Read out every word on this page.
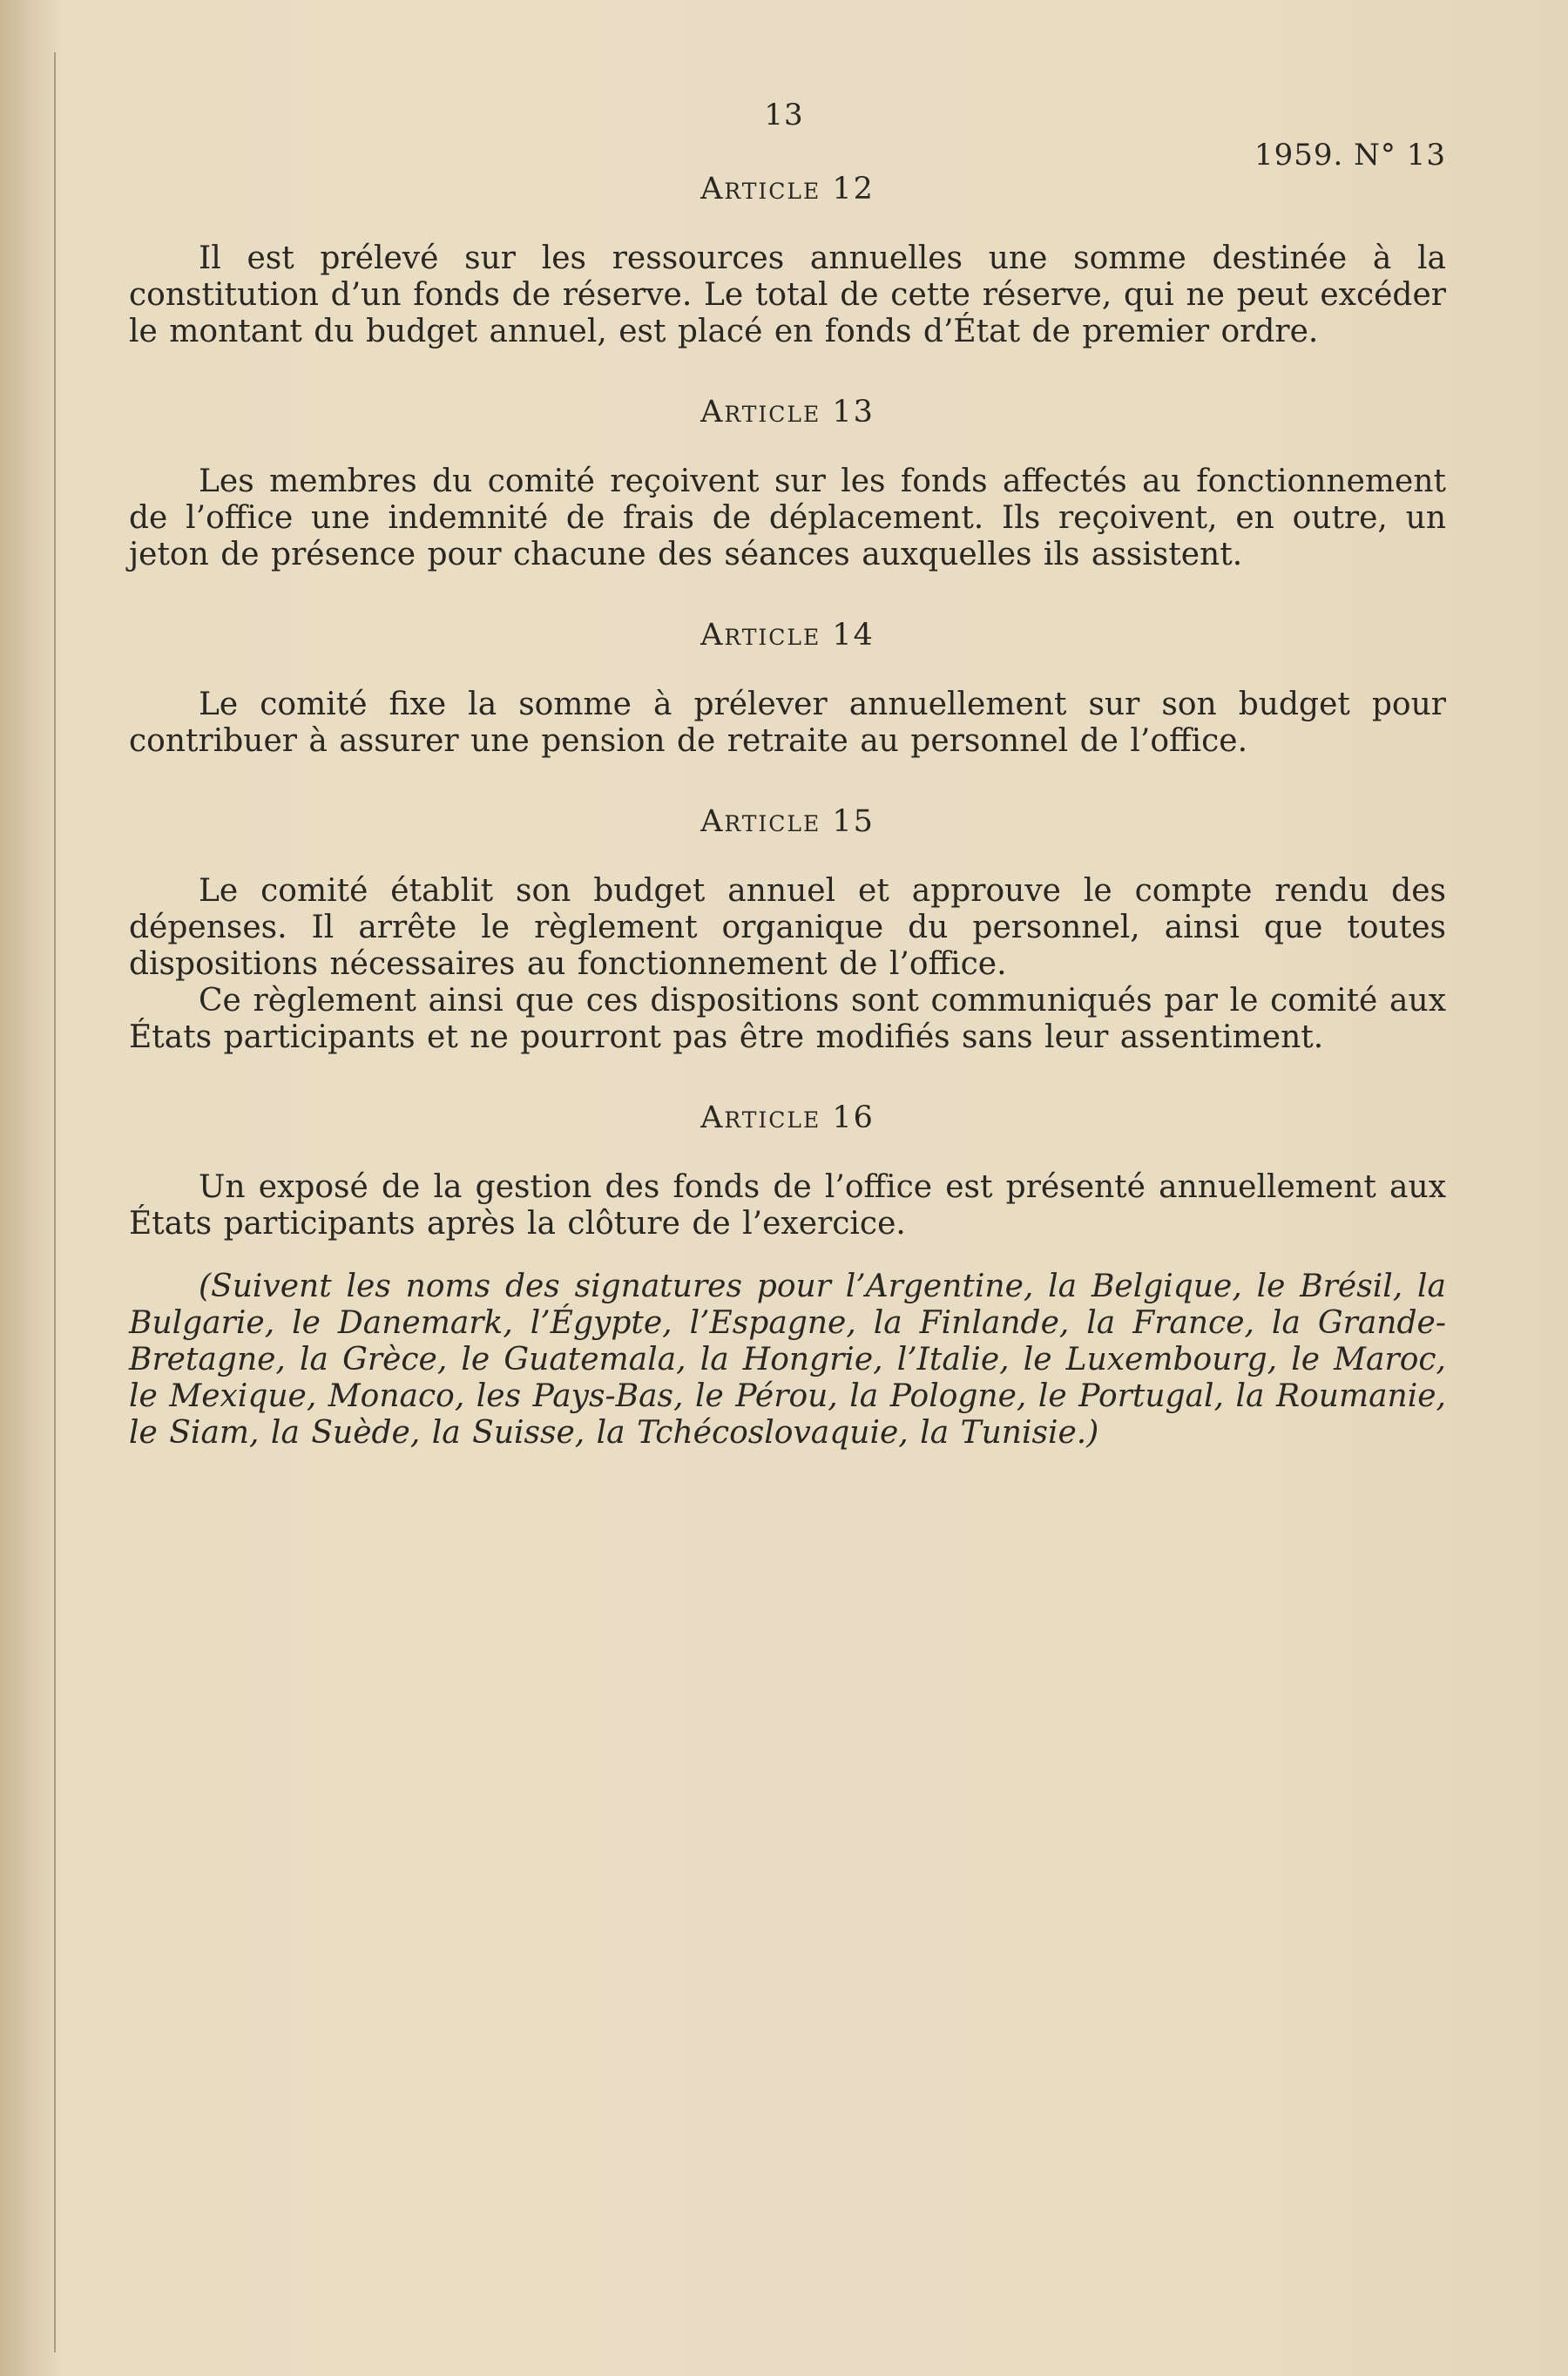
13
1959. N° 13
Article 12

Il est prélevé sur les ressources annuelles une somme destinée à la constitution d’un fonds de réserve. Le total de cette réserve, qui ne peut excéder le montant du budget annuel, est placé en fonds d’État de premier ordre.

Article 13

Les membres du comité reçoivent sur les fonds affectés au fonctionnement de l’office une indemnité de frais de déplacement. Ils reçoivent, en outre, un jeton de présence pour chacune des séances auxquelles ils assistent.

Article 14

Le comité fixe la somme à prélever annuellement sur son budget pour contribuer à assurer une pension de retraite au personnel de l’office.

Article 15

Le comité établit son budget annuel et approuve le compte rendu des dépenses. Il arrête le règlement organique du personnel, ainsi que toutes dispositions nécessaires au fonctionnement de l’office.

Ce règlement ainsi que ces dispositions sont communiqués par le comité aux États participants et ne pourront pas être modifiés sans leur assentiment.

Article 16

Un exposé de la gestion des fonds de l’office est présenté annuellement aux États participants après la clôture de l’exercice.

(Suivent les noms des signatures pour l’Argentine, la Belgique, le Brésil, la Bulgarie, le Danemark, l’Égypte, l’Espagne, la Finlande, la France, la Grande-Bretagne, la Grèce, le Guatemala, la Hongrie, l’Italie, le Luxembourg, le Maroc, le Mexique, Monaco, les Pays-Bas, le Pérou, la Pologne, le Portugal, la Roumanie, le Siam, la Suède, la Suisse, la Tchécoslovaquie, la Tunisie.)
